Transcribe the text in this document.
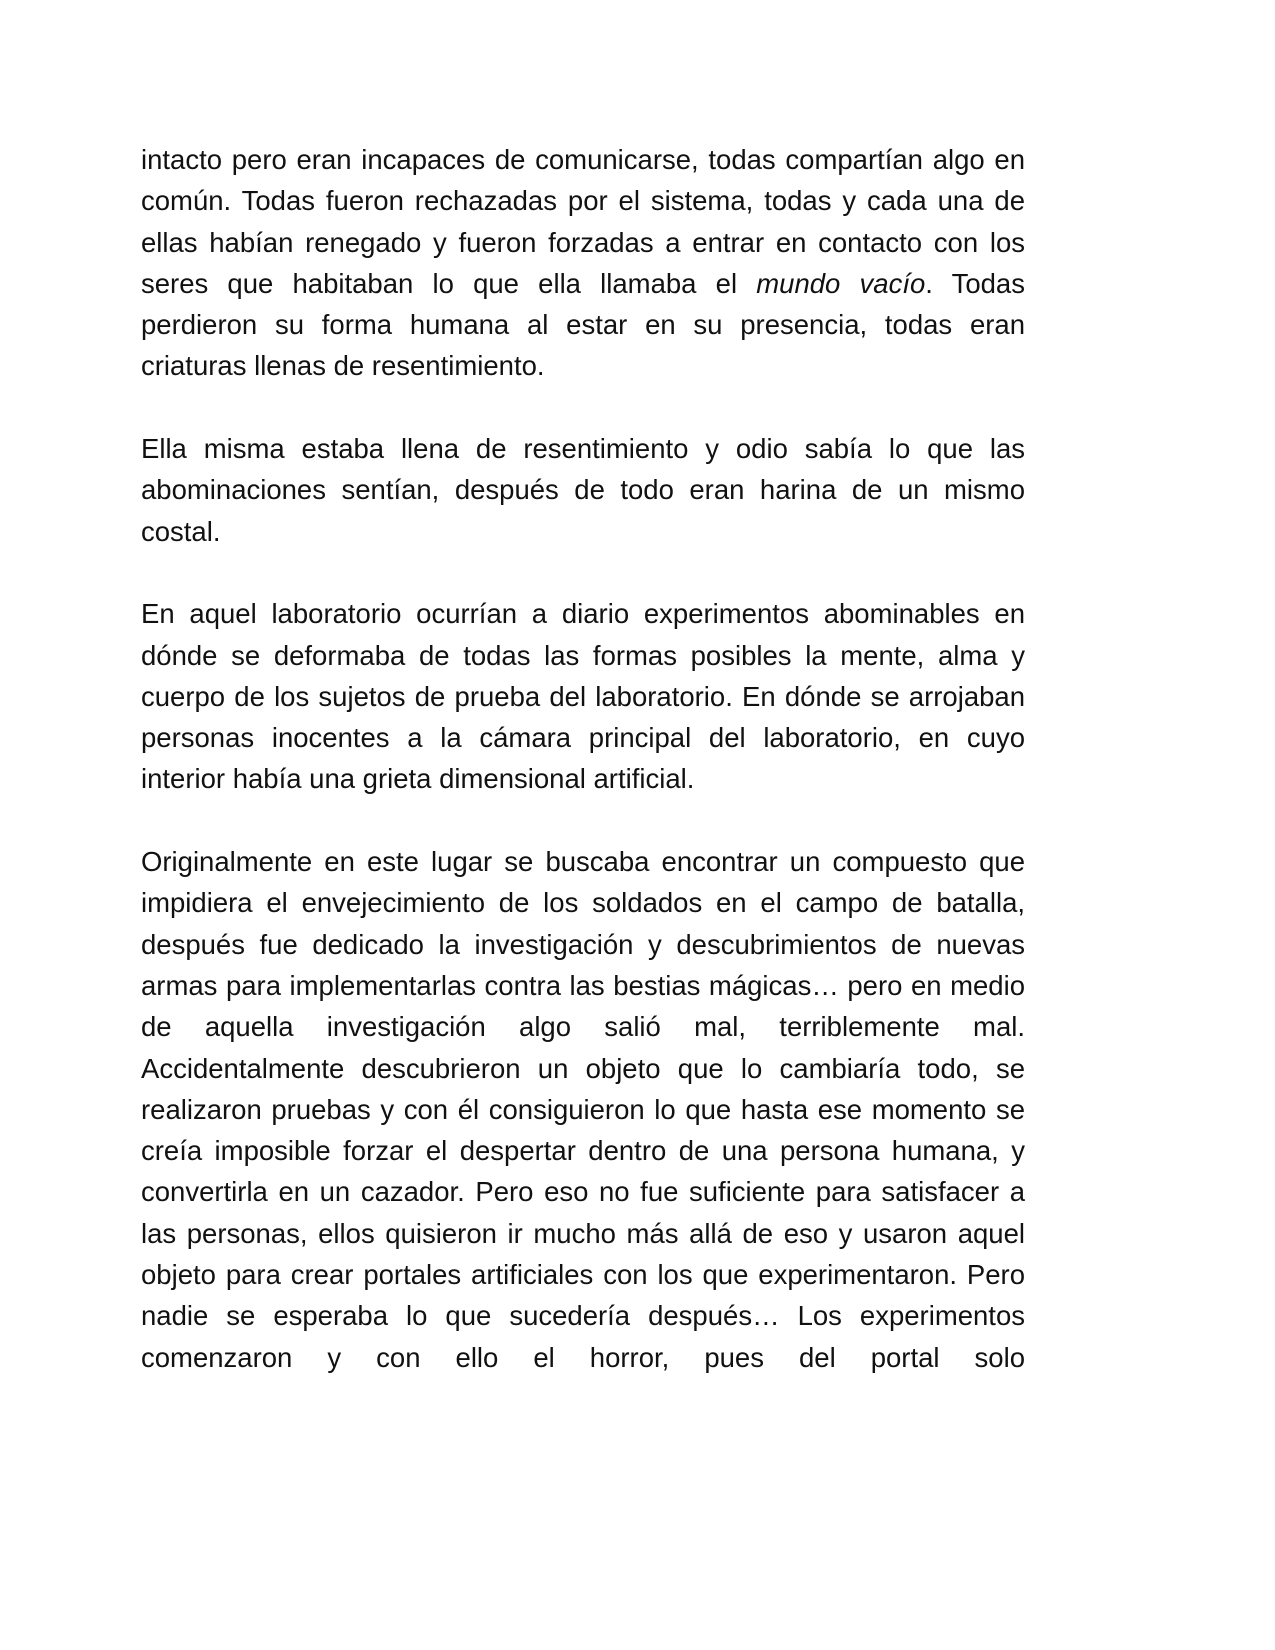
intacto pero eran incapaces de comunicarse, todas compartían algo en común. Todas fueron rechazadas por el sistema, todas y cada una de ellas habían renegado y fueron forzadas a entrar en contacto con los seres que habitaban lo que ella llamaba el mundo vacío. Todas perdieron su forma humana al estar en su presencia, todas eran criaturas llenas de resentimiento.

Ella misma estaba llena de resentimiento y odio sabía lo que las abominaciones sentían, después de todo eran harina de un mismo costal.

En aquel laboratorio ocurrían a diario experimentos abominables en dónde se deformaba de todas las formas posibles la mente, alma y cuerpo de los sujetos de prueba del laboratorio. En dónde se arrojaban personas inocentes a la cámara principal del laboratorio, en cuyo interior había una grieta dimensional artificial.

Originalmente en este lugar se buscaba encontrar un compuesto que impidiera el envejecimiento de los soldados en el campo de batalla, después fue dedicado la investigación y descubrimientos de nuevas armas para implementarlas contra las bestias mágicas… pero en medio de aquella investigación algo salió mal, terriblemente mal. Accidentalmente descubrieron un objeto que lo cambiaría todo, se realizaron pruebas y con él consiguieron lo que hasta ese momento se creía imposible forzar el despertar dentro de una persona humana, y convertirla en un cazador. Pero eso no fue suficiente para satisfacer a las personas, ellos quisieron ir mucho más allá de eso y usaron aquel objeto para crear portales artificiales con los que experimentaron. Pero nadie se esperaba lo que sucedería después… Los experimentos comenzaron y con ello el horror, pues del portal solo
